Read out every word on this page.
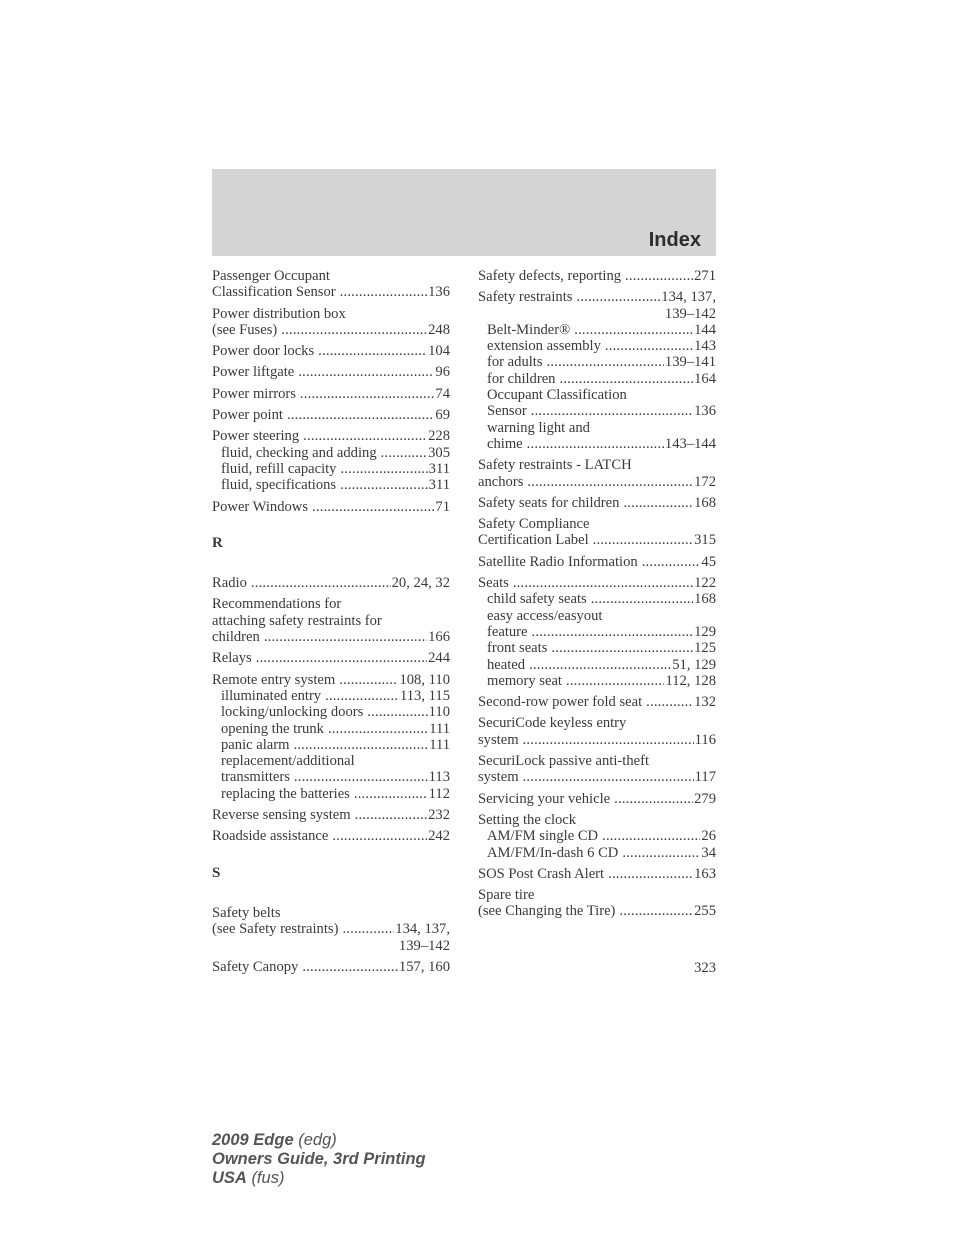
Index
Passenger Occupant
Classification Sensor .....	136
Power distribution box
(see Fuses) .....	248
Power door locks .....	104
Power liftgate .....	96
Power mirrors .....	74
Power point .....	69
Power steering .....	228
fluid, checking and adding .....	305
fluid, refill capacity .....	311
fluid, specifications .....	311
Power Windows .....	71
R
Radio .....	20, 24, 32
Recommendations for
attaching safety restraints for
children .....	166
Relays .....	244
Remote entry system .....	108, 110
illuminated entry .....	113, 115
locking/unlocking doors .....	110
opening the trunk .....	111
panic alarm .....	111
replacement/additional
transmitters .....	113
replacing the batteries .....	112
Reverse sensing system .....	232
Roadside assistance .....	242
S
Safety belts
(see Safety restraints) .....	134, 137,
139–142
Safety Canopy .....	157, 160
Safety defects, reporting .....	271
Safety restraints .....	134, 137,
139–142
Belt-Minder® .....	144
extension assembly .....	143
for adults .....	139–141
for children .....	164
Occupant Classification
Sensor .....	136
warning light and
chime .....	143–144
Safety restraints - LATCH
anchors .....	172
Safety seats for children .....	168
Safety Compliance
Certification Label .....	315
Satellite Radio Information .....	45
Seats .....	122
child safety seats .....	168
easy access/easyout
feature .....	129
front seats .....	125
heated .....	51, 129
memory seat .....	112, 128
Second-row power fold seat .....	132
SecuriCode keyless entry
system .....	116
SecuriLock passive anti-theft
system .....	117
Servicing your vehicle .....	279
Setting the clock
AM/FM single CD .....	26
AM/FM/In-dash 6 CD .....	34
SOS Post Crash Alert .....	163
Spare tire
(see Changing the Tire) .....	255
323
2009 Edge (edg)
Owners Guide, 3rd Printing
USA (fus)
